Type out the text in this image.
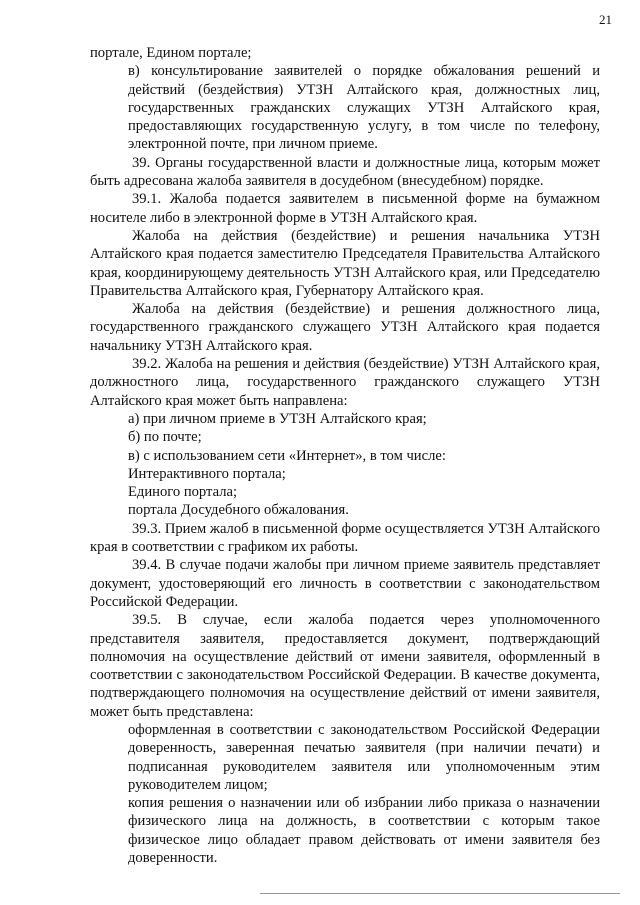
21

порталe, Едином портале;

в) консультирование заявителей о порядке обжалования решений и действий (бездействия) УТЗН Алтайского края, должностных лиц, государственных гражданских служащих УТЗН Алтайского края, предоставляющих государственную услугу, в том числе по телефону, электронной почте, при личном приеме.

39. Органы государственной власти и должностные лица, которым может быть адресована жалоба заявителя в досудебном (внесудебном) порядке.

39.1. Жалоба подается заявителем в письменной форме на бумажном носителе либо в электронной форме в УТЗН Алтайского края.

Жалоба на действия (бездействие) и решения начальника УТЗН Алтайского края подается заместителю Председателя Правительства Алтайского края, координирующему деятельность УТЗН Алтайского края, или Председателю Правительства Алтайского края, Губернатору Алтайского края.

Жалоба на действия (бездействие) и решения должностного лица, государственного гражданского служащего УТЗН Алтайского края подается начальнику УТЗН Алтайского края.

39.2. Жалоба на решения и действия (бездействие) УТЗН Алтайского края, должностного лица, государственного гражданского служащего УТЗН Алтайского края может быть направлена:

а) при личном приеме в УТЗН Алтайского края;

б) по почте;

в) с использованием сети «Интернет», в том числе:

Интерактивного портала;

Единого портала;

портала Досудебного обжалования.

39.3. Прием жалоб в письменной форме осуществляется УТЗН Алтайского края в соответствии с графиком их работы.

39.4. В случае подачи жалобы при личном приеме заявитель представляет документ, удостоверяющий его личность в соответствии с законодательством Российской Федерации.

39.5. В случае, если жалоба подается через уполномоченного представителя заявителя, предоставляется документ, подтверждающий полномочия на осуществление действий от имени заявителя, оформленный в соответствии с законодательством Российской Федерации. В качестве документа, подтверждающего полномочия на осуществление действий от имени заявителя, может быть представлена:

оформленная в соответствии с законодательством Российской Федерации доверенность, заверенная печатью заявителя (при наличии печати) и подписанная руководителем заявителя или уполномоченным этим руководителем лицом;

копия решения о назначении или об избрании либо приказа о назначении физического лица на должность, в соответствии с которым такое физическое лицо обладает правом действовать от имени заявителя без доверенности.
